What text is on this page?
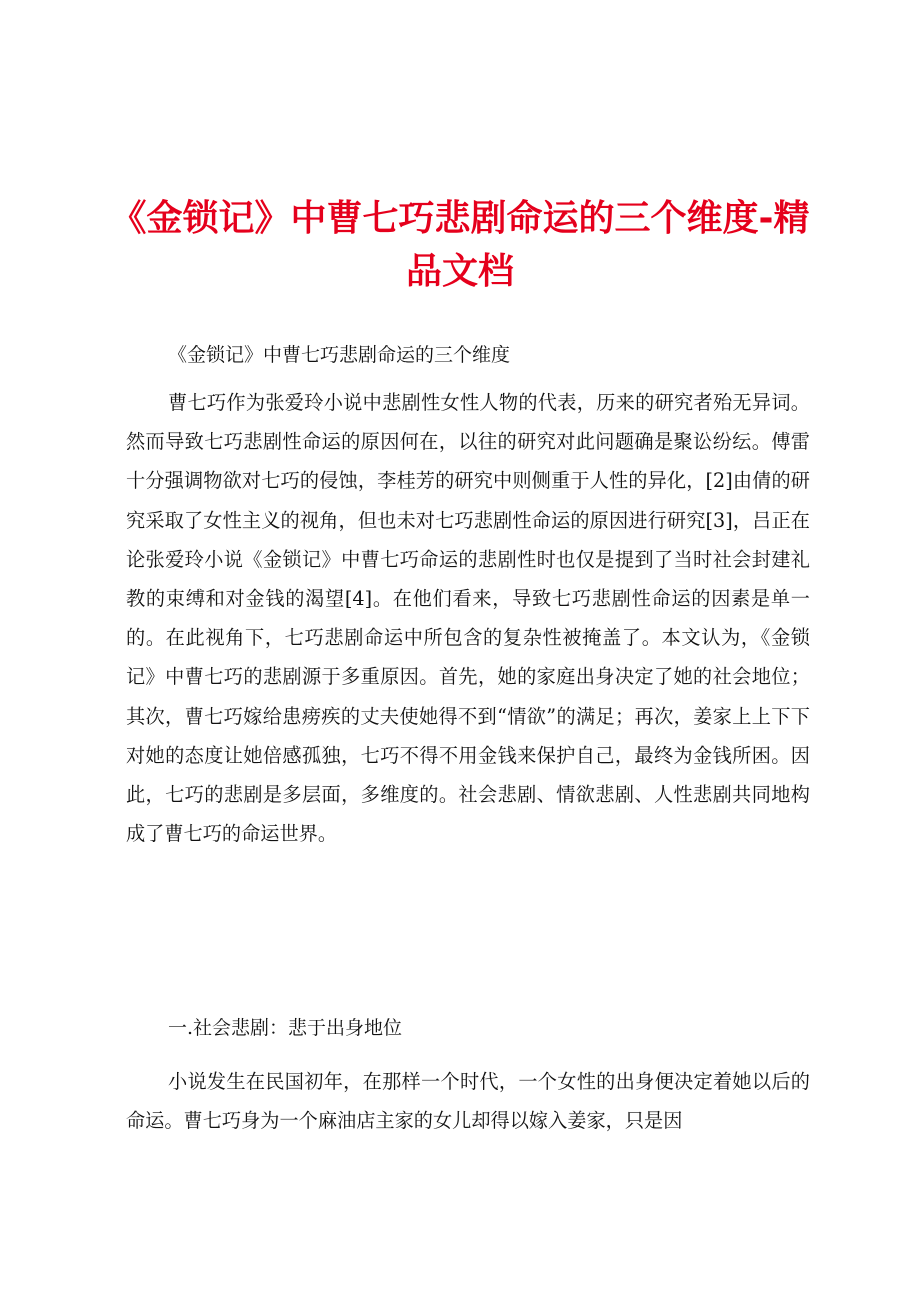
《金锁记》中曹七巧悲剧命运的三个维度-精品文档
《金锁记》中曹七巧悲剧命运的三个维度

曹七巧作为张爱玲小说中悲剧性女性人物的代表，历来的研究者殆无异词。然而导致七巧悲剧性命运的原因何在，以往的研究对此问题确是聚讼纷纭。傅雷十分强调物欲对七巧的侵蚀，李桂芳的研究中则侧重于人性的异化，[2]由倩的研究采取了女性主义的视角，但也未对七巧悲剧性命运的原因进行研究[3]，吕正在论张爱玲小说《金锁记》中曹七巧命运的悲剧性时也仅是提到了当时社会封建礼教的束缚和对金钱的渴望[4]。在他们看来，导致七巧悲剧性命运的因素是单一的。在此视角下，七巧悲剧命运中所包含的复杂性被掩盖了。本文认为，《金锁记》中曹七巧的悲剧源于多重原因。首先，她的家庭出身决定了她的社会地位；其次，曹七巧嫁给患痨疾的丈夫使她得不到“情欲”的满足；再次，姜家上上下下对她的态度让她倍感孤独，七巧不得不用金钱来保护自己，最终为金钱所困。因此，七巧的悲剧是多层面，多维度的。社会悲剧、情欲悲剧、人性悲剧共同地构成了曹七巧的命运世界。

一.社会悲剧：悲于出身地位

小说发生在民国初年，在那样一个时代，一个女性的出身便决定着她以后的命运。曹七巧身为一个麻油店主家的女儿却得以嫁入姜家，只是因
